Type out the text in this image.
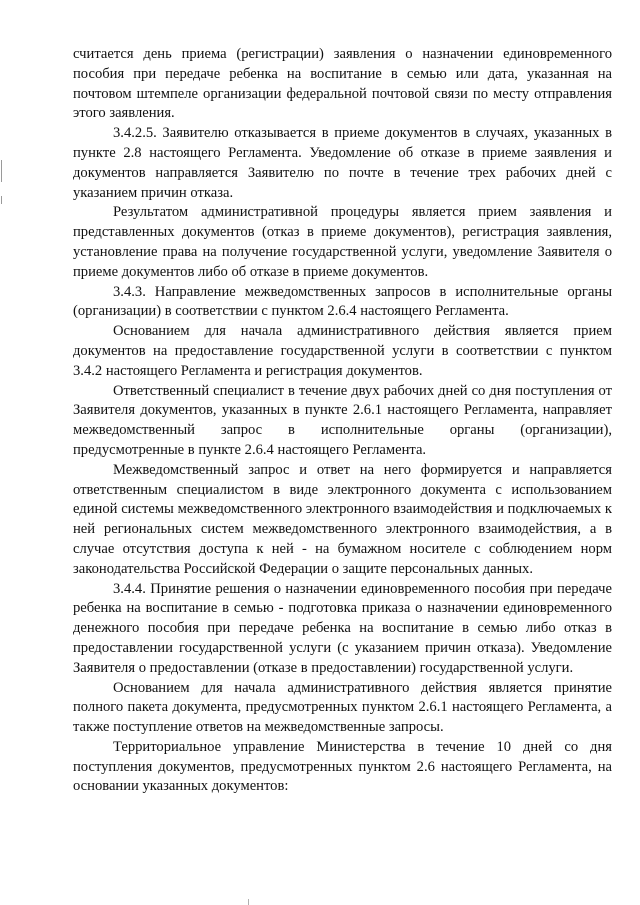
считается день приема (регистрации) заявления о назначении единовременного пособия при передаче ребенка на воспитание в семью или дата, указанная на почтовом штемпеле организации федеральной почтовой связи по месту отправления этого заявления.

3.4.2.5. Заявителю отказывается в приеме документов в случаях, указанных в пункте 2.8 настоящего Регламента. Уведомление об отказе в приеме заявления и документов направляется Заявителю по почте в течение трех рабочих дней с указанием причин отказа.

Результатом административной процедуры является прием заявления и представленных документов (отказ в приеме документов), регистрация заявления, установление права на получение государственной услуги, уведомление Заявителя о приеме документов либо об отказе в приеме документов.

3.4.3. Направление межведомственных запросов в исполнительные органы (организации) в соответствии с пунктом 2.6.4 настоящего Регламента.

Основанием для начала административного действия является прием документов на предоставление государственной услуги в соответствии с пунктом 3.4.2 настоящего Регламента и регистрация документов.

Ответственный специалист в течение двух рабочих дней со дня поступления от Заявителя документов, указанных в пункте 2.6.1 настоящего Регламента, направляет межведомственный запрос в исполнительные органы (организации), предусмотренные в пункте 2.6.4 настоящего Регламента.

Межведомственный запрос и ответ на него формируется и направляется ответственным специалистом в виде электронного документа с использованием единой системы межведомственного электронного взаимодействия и подключаемых к ней региональных систем межведомственного электронного взаимодействия, а в случае отсутствия доступа к ней - на бумажном носителе с соблюдением норм законодательства Российской Федерации о защите персональных данных.

3.4.4. Принятие решения о назначении единовременного пособия при передаче ребенка на воспитание в семью - подготовка приказа о назначении единовременного денежного пособия при передаче ребенка на воспитание в семью либо отказ в предоставлении государственной услуги (с указанием причин отказа). Уведомление Заявителя о предоставлении (отказе в предоставлении) государственной услуги.

Основанием для начала административного действия является принятие полного пакета документа, предусмотренных пунктом 2.6.1 настоящего Регламента, а также поступление ответов на межведомственные запросы.

Территориальное управление Министерства в течение 10 дней со дня поступления документов, предусмотренных пунктом 2.6 настоящего Регламента, на основании указанных документов:
